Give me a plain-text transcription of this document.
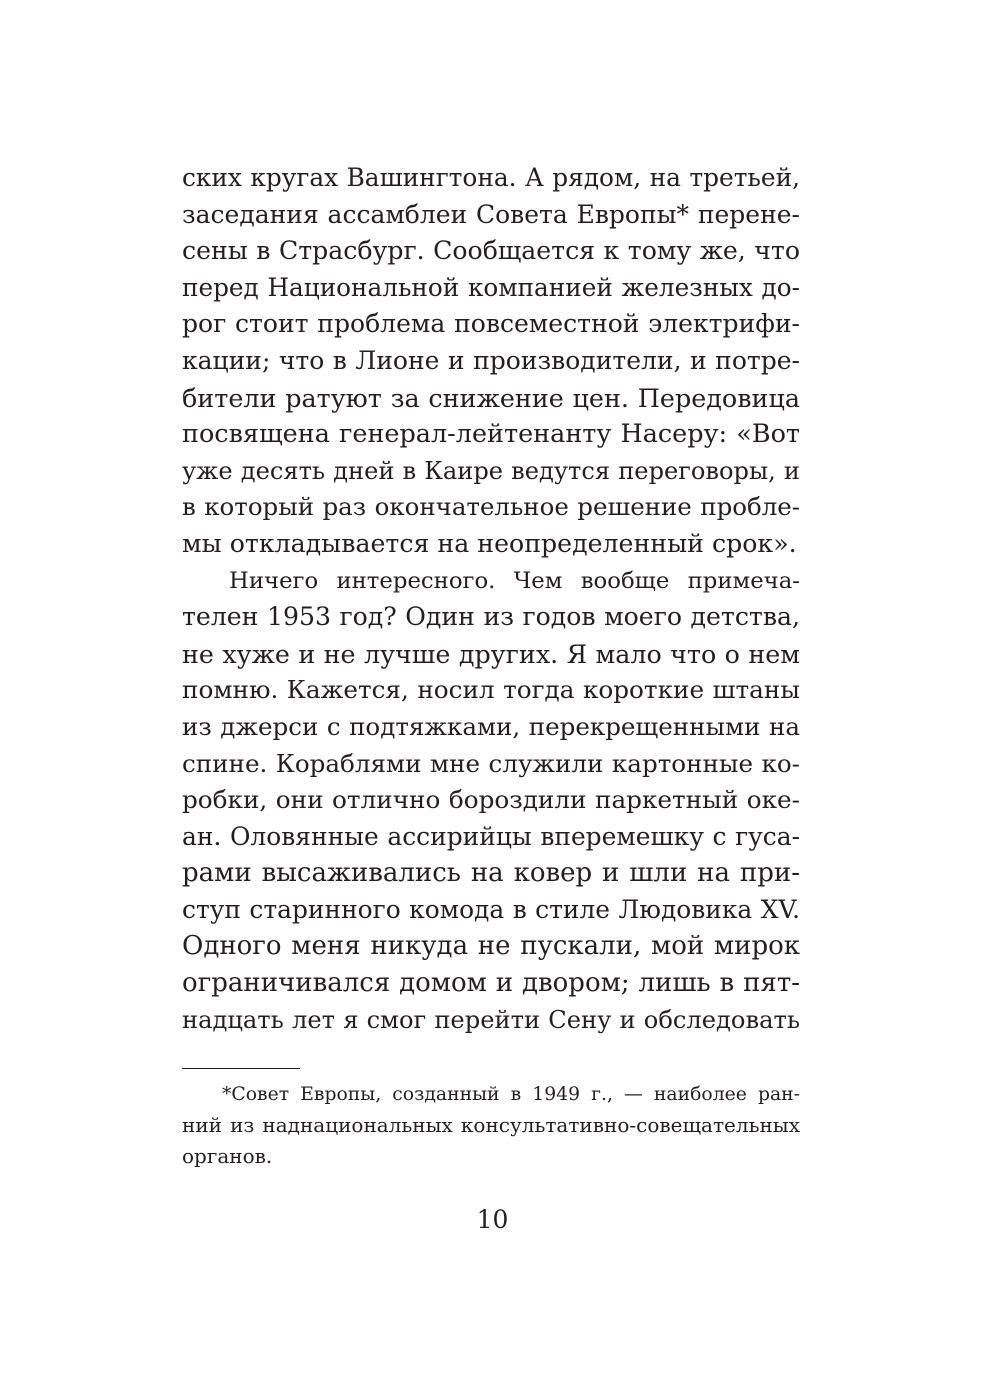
ских кругах Вашингтона. А рядом, на третьей,
заседания ассамблеи Совета Европы* перене-
сены в Страсбург. Сообщается к тому же, что
перед Национальной компанией железных до-
рог стоит проблема повсеместной электрифи-
кации; что в Лионе и производители, и потре-
бители ратуют за снижение цен. Передовица
посвящена генерал-лейтенанту Насеру: «Вот
уже десять дней в Каире ведутся переговоры, и
в который раз окончательное решение пробле-
мы откладывается на неопределенный срок».
Ничего интересного. Чем вообще примеча-
телен 1953 год? Один из годов моего детства,
не хуже и не лучше других. Я мало что о нем
помню. Кажется, носил тогда короткие штаны
из джерси с подтяжками, перекрещенными на
спине. Кораблями мне служили картонные ко-
робки, они отлично бороздили паркетный оке-
ан. Оловянные ассирийцы вперемешку с гуса-
рами высаживались на ковер и шли на при-
ступ старинного комода в стиле Людовика XV.
Одного меня никуда не пускали, мой мирок
ограничивался домом и двором; лишь в пят-
надцать лет я смог перейти Сену и обследовать
*Совет Европы, созданный в 1949 г., — наиболее ран-
ний из наднациональных консультативно-совещательных
органов.
10
